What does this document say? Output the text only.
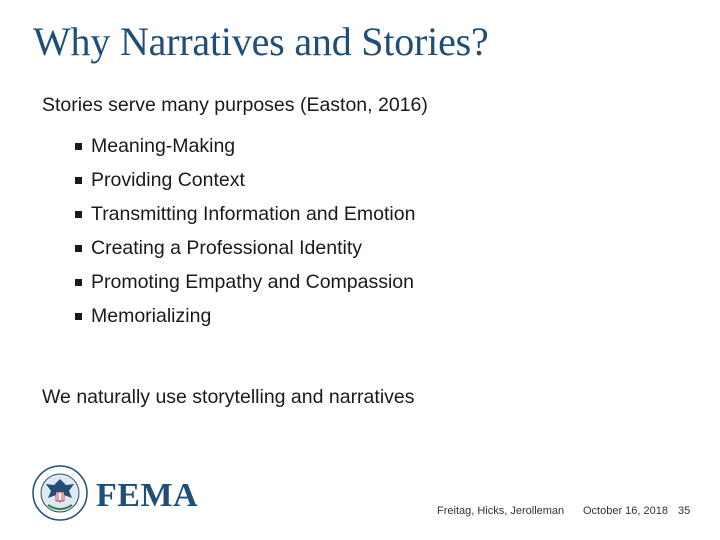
Why Narratives and Stories?
Stories serve many purposes (Easton, 2016)
Meaning-Making
Providing Context
Transmitting Information and Emotion
Creating a Professional Identity
Promoting Empathy and Compassion
Memorializing
We naturally use storytelling and narratives
FEMA	Freitag, Hicks, Jerolleman October 16, 2018 35
